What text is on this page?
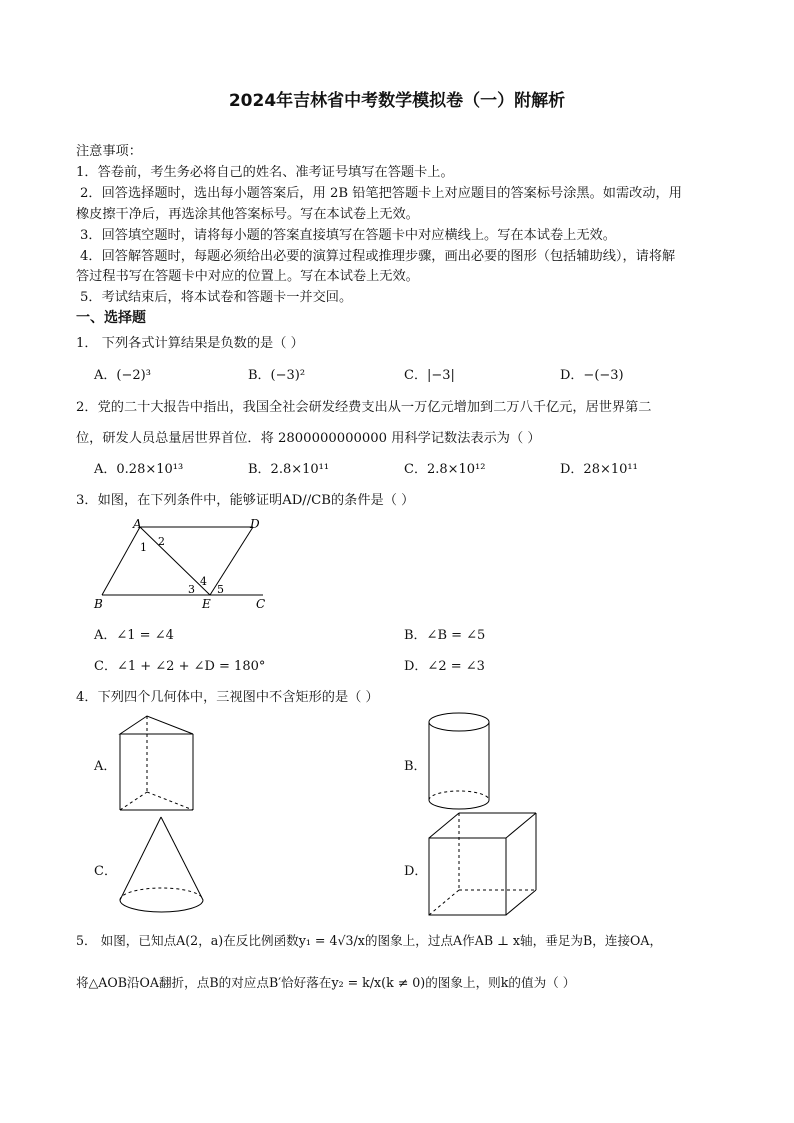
2024年吉林省中考数学模拟卷（一）附解析
注意事项：
1．答卷前，考生务必将自己的姓名、准考证号填写在答题卡上。
2．回答选择题时，选出每小题答案后，用 2B 铅笔把答题卡上对应题目的答案标号涂黑。如需改动，用
橡皮擦干净后，再选涂其他答案标号。写在本试卷上无效。
3．回答填空题时，请将每小题的答案直接填写在答题卡中对应横线上。写在本试卷上无效。
4．回答解答题时，每题必须给出必要的演算过程或推理步骤，画出必要的图形（包括辅助线），请将解
答过程书写在答题卡中对应的位置上。写在本试卷上无效。
5．考试结束后，将本试卷和答题卡一并交回。
一、选择题
1． 下列各式计算结果是负数的是（ ）
A．(−2)³	B．(−3)²	C．|−3|	D．−(−3)
2．党的二十大报告中指出，我国全社会研发经费支出从一万亿元增加到二万八千亿元，居世界第二
位，研发人员总量居世界首位．将 2800000000000 用科学记数法表示为（ ）
A．0.28×10¹³	B．2.8×10¹¹	C．2.8×10¹²	D．28×10¹¹
3．如图，在下列条件中，能够证明AD//CB的条件是（ ）
A	D
B	E	C
1 2
3
4
5
A．∠1 = ∠4	B．∠B = ∠5
C．∠1 + ∠2 + ∠D = 180°	D．∠2 = ∠3
4．下列四个几何体中，三视图中不含矩形的是（ ）
A．	B．
C．	D．
5． 如图，已知点A(2，a)在反比例函数y₁ = 4√3/x的图象上，过点A作AB ⊥ x轴，垂足为B，连接OA，
将△AOB沿OA翻折，点B的对应点B′恰好落在y₂ = k/x(k ≠ 0)的图象上，则k的值为（ ）
